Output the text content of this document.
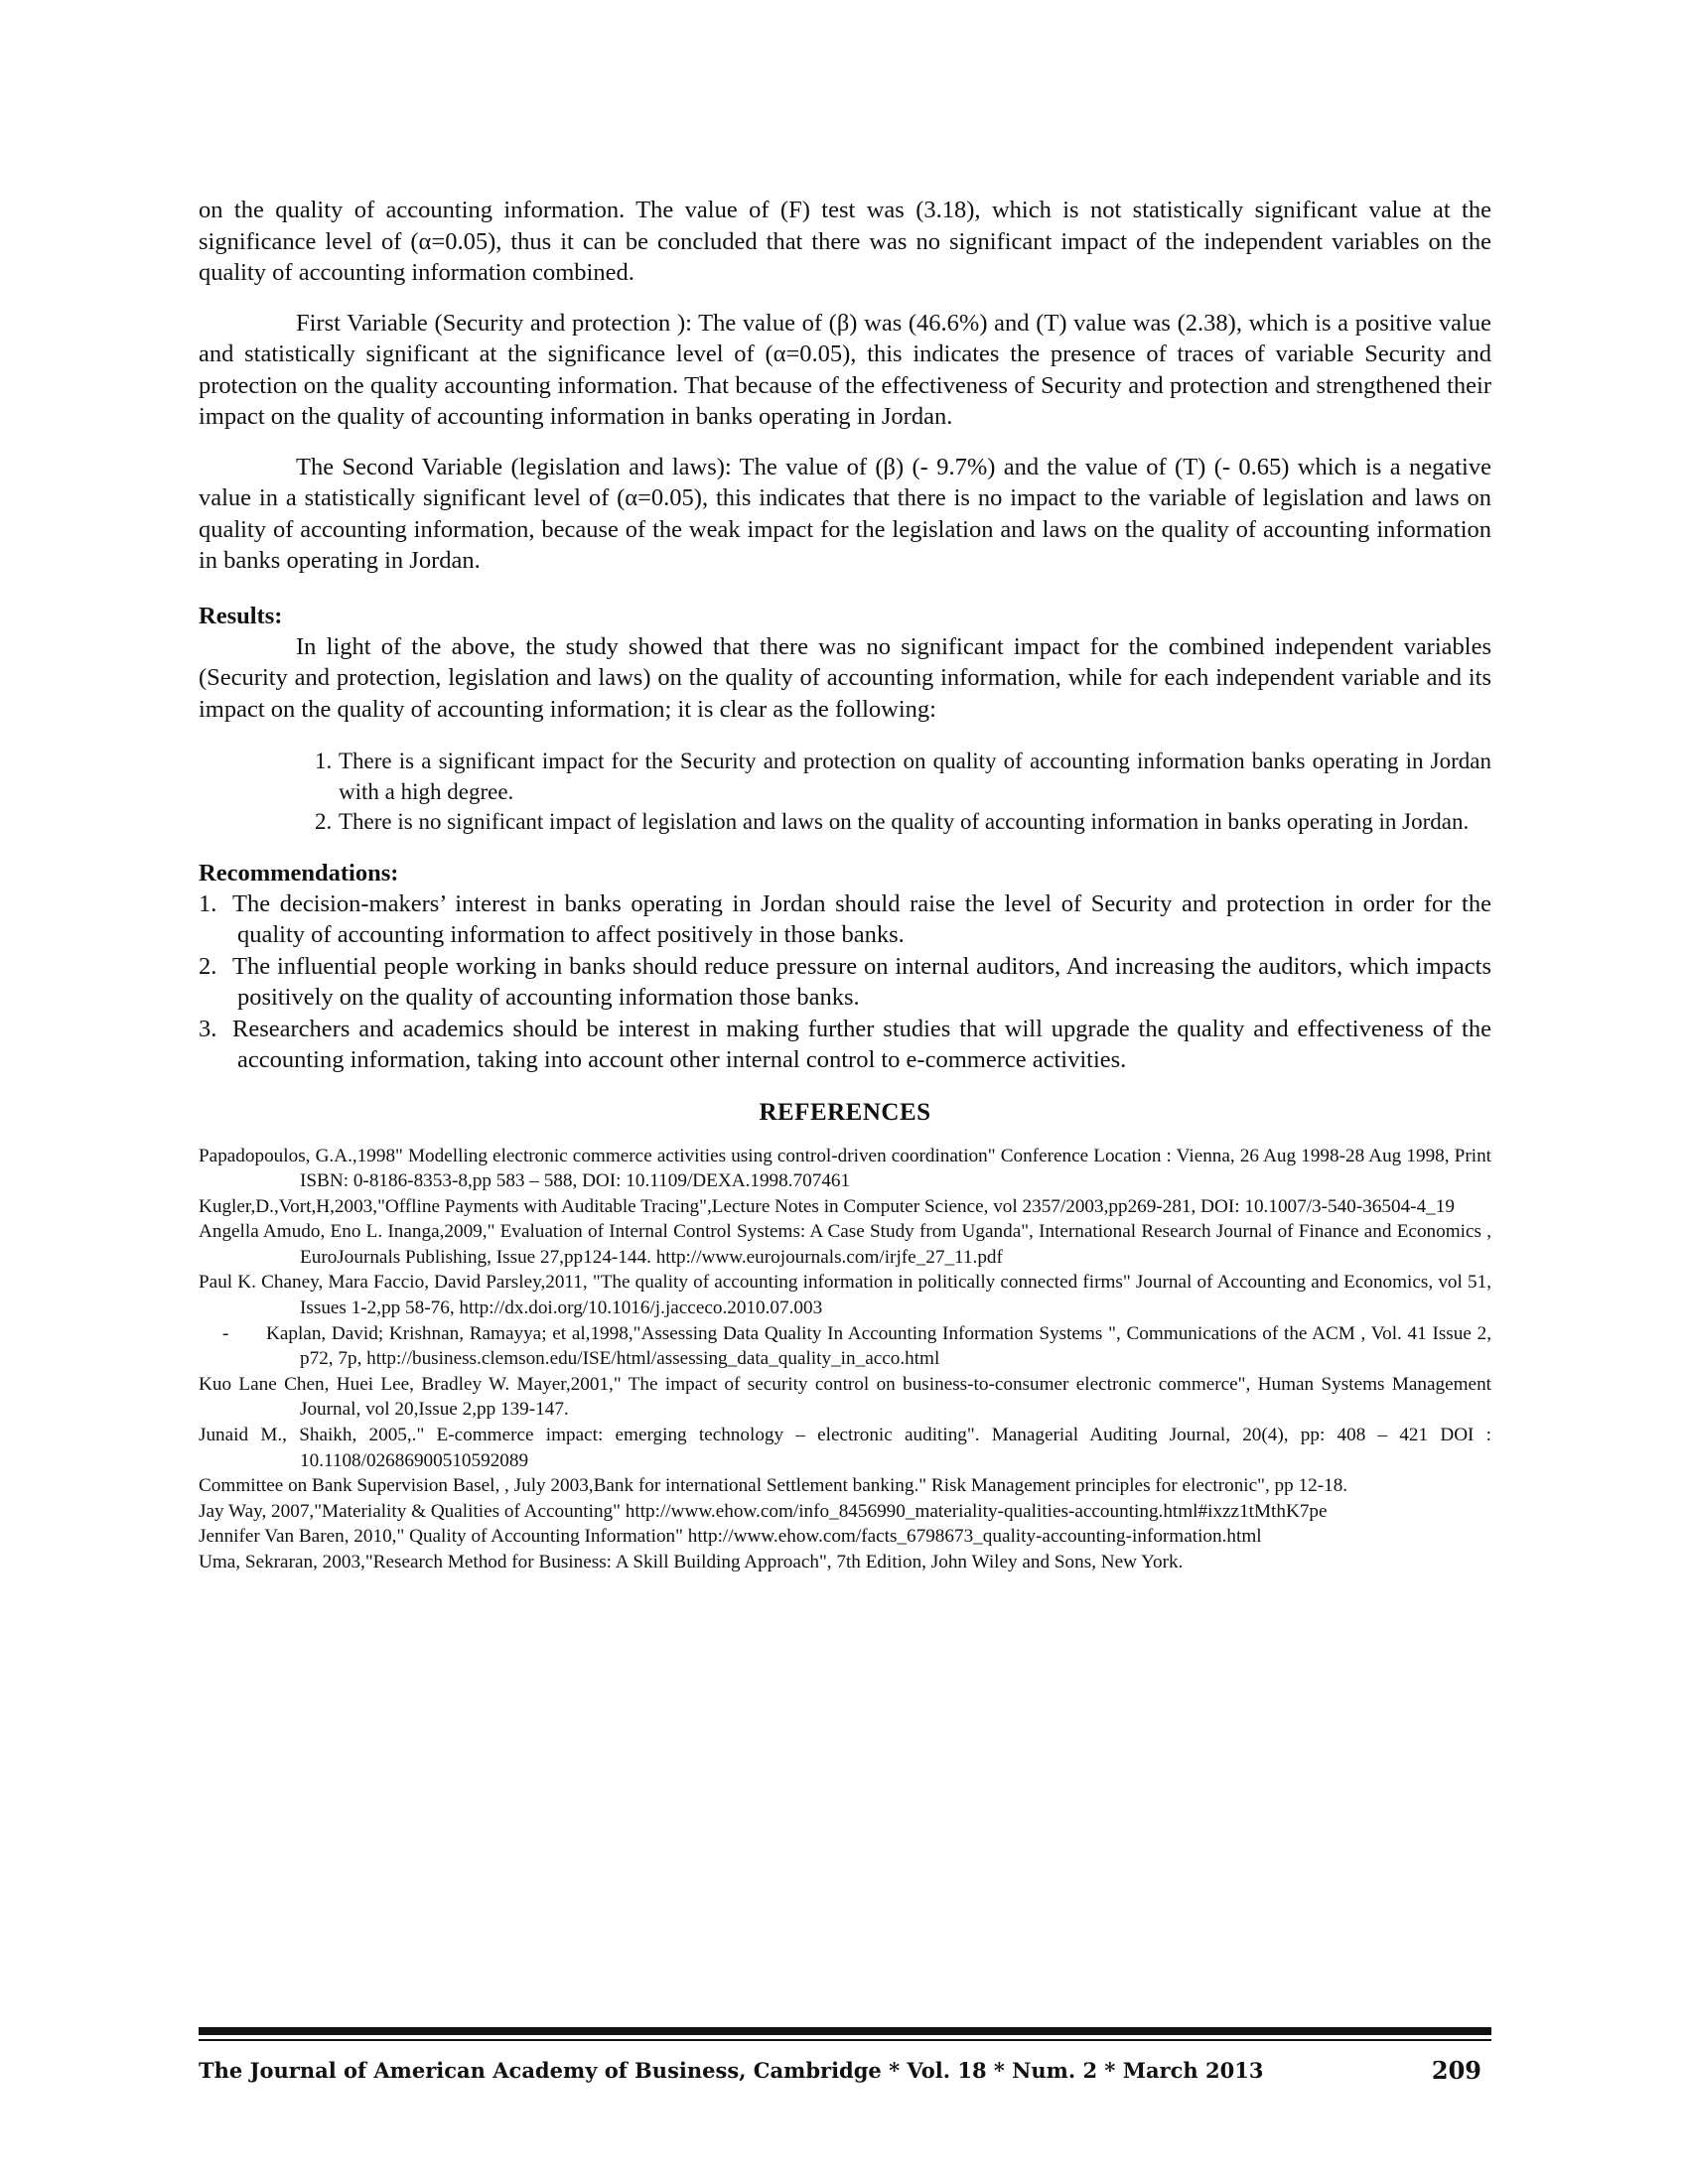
on the quality of accounting information. The value of (F) test was (3.18), which is not statistically significant value at the significance level of (α=0.05), thus it can be concluded that there was no significant impact of the independent variables on the quality of accounting information combined.

First Variable (Security and protection ): The value of (β) was (46.6%) and (T) value was (2.38), which is a positive value and statistically significant at the significance level of (α=0.05), this indicates the presence of traces of variable Security and protection on the quality accounting information. That because of the effectiveness of Security and protection and strengthened their impact on the quality of accounting information in banks operating in Jordan.

The Second Variable (legislation and laws): The value of (β) (- 9.7%) and the value of (T) (- 0.65) which is a negative value in a statistically significant level of (α=0.05), this indicates that there is no impact to the variable of legislation and laws on quality of accounting information, because of the weak impact for the legislation and laws on the quality of accounting information in banks operating in Jordan.

Results:

In light of the above, the study showed that there was no significant impact for the combined independent variables (Security and protection, legislation and laws) on the quality of accounting information, while for each independent variable and its impact on the quality of accounting information; it is clear as the following:

1. There is a significant impact for the Security and protection on quality of accounting information banks operating in Jordan with a high degree.
2. There is no significant impact of legislation and laws on the quality of accounting information in banks operating in Jordan.
Recommendations:
1. The decision-makers’ interest in banks operating in Jordan should raise the level of Security and protection in order for the quality of accounting information to affect positively in those banks.
2. The influential people working in banks should reduce pressure on internal auditors, And increasing the auditors, which impacts positively on the quality of accounting information those banks.
3. Researchers and academics should be interest in making further studies that will upgrade the quality and effectiveness of the accounting information, taking into account other internal control to e-commerce activities.
REFERENCES
Papadopoulos, G.A.,1998" Modelling electronic commerce activities using control-driven coordination" Conference Location : Vienna, 26 Aug 1998-28 Aug 1998, Print ISBN: 0-8186-8353-8,pp 583 – 588, DOI: 10.1109/DEXA.1998.707461
Kugler,D.,Vort,H,2003,"Offline Payments with Auditable Tracing",Lecture Notes in Computer Science, vol 2357/2003,pp269-281, DOI: 10.1007/3-540-36504-4_19
Angella Amudo, Eno L. Inanga,2009," Evaluation of Internal Control Systems: A Case Study from Uganda", International Research Journal of Finance and Economics , EuroJournals Publishing, Issue 27,pp124-144. http://www.eurojournals.com/irjfe_27_11.pdf
Paul K. Chaney, Mara Faccio, David Parsley,2011, "The quality of accounting information in politically connected firms" Journal of Accounting and Economics, vol 51, Issues 1-2,pp 58-76, http://dx.doi.org/10.1016/j.jacceco.2010.07.003
- Kaplan, David; Krishnan, Ramayya; et al,1998,"Assessing Data Quality In Accounting Information Systems ", Communications of the ACM , Vol. 41 Issue 2, p72, 7p, http://business.clemson.edu/ISE/html/assessing_data_quality_in_acco.html
Kuo Lane Chen, Huei Lee, Bradley W. Mayer,2001," The impact of security control on business-to-consumer electronic commerce", Human Systems Management Journal, vol 20,Issue 2,pp 139-147.
Junaid M., Shaikh, 2005,." E-commerce impact: emerging technology – electronic auditing". Managerial Auditing Journal, 20(4), pp: 408 – 421 DOI : 10.1108/02686900510592089
Committee on Bank Supervision Basel, , July 2003,Bank for international Settlement banking." Risk Management principles for electronic", pp 12-18.
Jay Way, 2007,"Materiality & Qualities of Accounting" http://www.ehow.com/info_8456990_materiality-qualities-accounting.html#ixzz1tMthK7pe
Jennifer Van Baren, 2010," Quality of Accounting Information" http://www.ehow.com/facts_6798673_quality-accounting-information.html
Uma, Sekraran, 2003,"Research Method for Business: A Skill Building Approach", 7th Edition, John Wiley and Sons, New York.
The Journal of American Academy of Business, Cambridge * Vol. 18 * Num. 2 * March 2013	209
